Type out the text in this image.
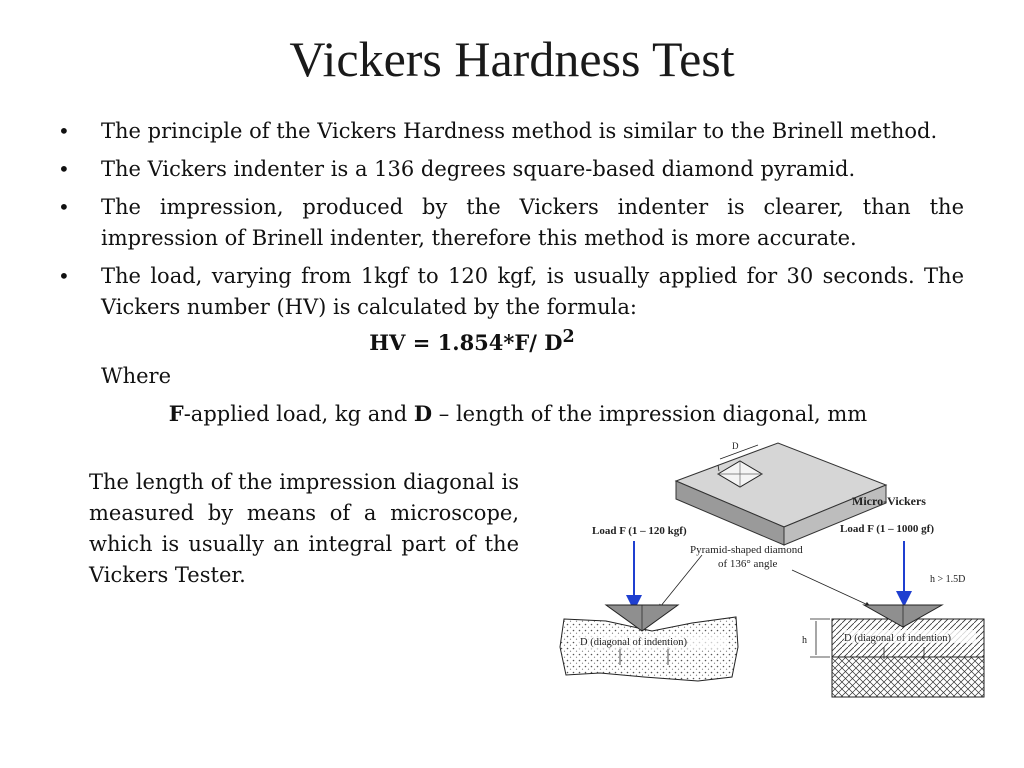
Vickers Hardness Test
• The principle of the Vickers Hardness method is similar to the Brinell method.
• The Vickers indenter is a 136 degrees square-based diamond pyramid.
• The impression, produced by the Vickers indenter is clearer, than the impression of Brinell indenter, therefore this method is more accurate.
• The load, varying from 1kgf to 120 kgf, is usually applied for 30 seconds. The Vickers number (HV) is calculated by the formula:
HV = 1.854*F/ $D^2$
Where
F-applied load, kg and D – length of the impression diagonal, mm
The length of the impression diagonal is measured by means of a microscope, which is usually an integral part of the Vickers Tester.
D
Micro-Vickers
Load F (1 – 120 kgf)	Load F (1 – 1000 gf)
Pyramid-shaped diamond
of 136° angle
h > 1.5D
D (diagonal of indention)	D (diagonal of indention)
h
